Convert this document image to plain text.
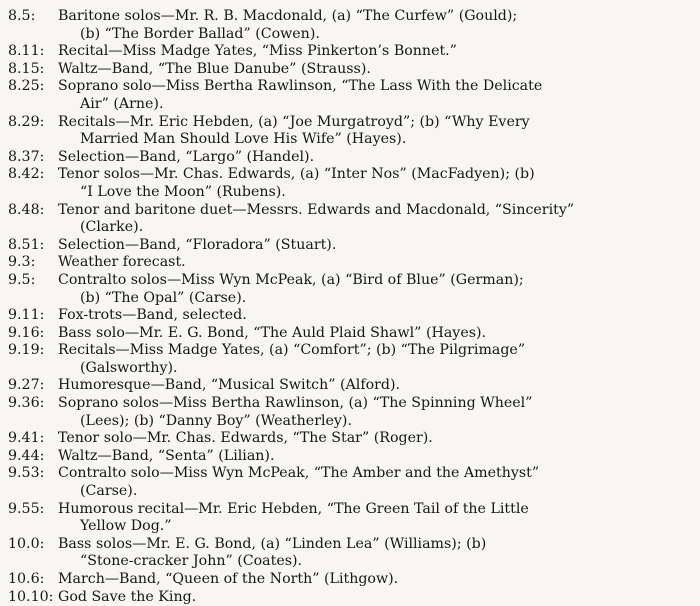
8.5:	Baritone solos—Mr. R. B. Macdonald, (a) “The Curfew” (Gould);
(b) “The Border Ballad” (Cowen).
8.11: Recital—Miss Madge Yates, “Miss Pinkerton’s Bonnet.”
8.15: Waltz—Band, “The Blue Danube” (Strauss).
8.25: Soprano solo—Miss Bertha Rawlinson, “The Lass With the Delicate
Air” (Arne).
8.29: Recitals—Mr. Eric Hebden, (a) “Joe Murgatroyd”; (b) “Why Every
Married Man Should Love His Wife” (Hayes).
8.37: Selection—Band, “Largo” (Handel).
8.42: Tenor solos—Mr. Chas. Edwards, (a) “Inter Nos” (MacFadyen); (b)
“I Love the Moon” (Rubens).
8.48: Tenor and baritone duet—Messrs. Edwards and Macdonald, “Sincerity”
(Clarke).
8.51: Selection—Band, “Floradora” (Stuart).
9.3:	Weather forecast.
9.5:	Contralto solos—Miss Wyn McPeak, (a) “Bird of Blue” (German);
(b) “The Opal” (Carse).
9.11: Fox-trots—Band, selected.
9.16: Bass solo—Mr. E. G. Bond, “The Auld Plaid Shawl” (Hayes).
9.19: Recitals—Miss Madge Yates, (a) “Comfort”; (b) “The Pilgrimage”
(Galsworthy).
9.27: Humoresque—Band, “Musical Switch” (Alford).
9.36: Soprano solos—Miss Bertha Rawlinson, (a) “The Spinning Wheel”
(Lees); (b) “Danny Boy” (Weatherley).
9.41: Tenor solo—Mr. Chas. Edwards, “The Star” (Roger).
9.44: Waltz—Band, “Senta” (Lilian).
9.53: Contralto solo—Miss Wyn McPeak, “The Amber and the Amethyst”
(Carse).
9.55: Humorous recital—Mr. Eric Hebden, “The Green Tail of the Little
Yellow Dog.”
10.0: Bass solos—Mr. E. G. Bond, (a) “Linden Lea” (Williams); (b)
“Stone-cracker John” (Coates).
10.6: March—Band, “Queen of the North” (Lithgow).
10.10: God Save the King.
